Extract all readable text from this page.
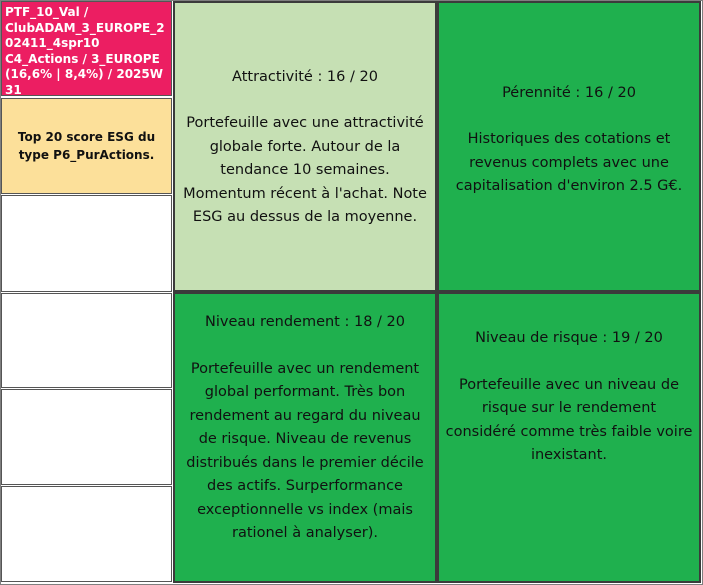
PTF_10_Val /
ClubADAM_3_EUROPE_2
02411_4spr10
C4_Actions / 3_EUROPE
(16,6% | 8,4%) / 2025W31
Top 20 score ESG du type P6_PurActions.
Attractivité : 16 / 20
Portefeuille avec une attractivité globale forte. Autour de la tendance 10 semaines. Momentum récent à l'achat. Note ESG au dessus de la moyenne.
Pérennité : 16 / 20
Historiques des cotations et revenus complets avec une capitalisation d'environ 2.5 G€.
Niveau rendement : 18 / 20
Portefeuille avec un rendement global performant. Très bon rendement au regard du niveau de risque. Niveau de revenus distribués dans le premier décile des actifs. Surperformance exceptionnelle vs index (mais rationel à analyser).
Niveau de risque : 19 / 20
Portefeuille avec un niveau de risque sur le rendement considéré comme très faible voire inexistant.
